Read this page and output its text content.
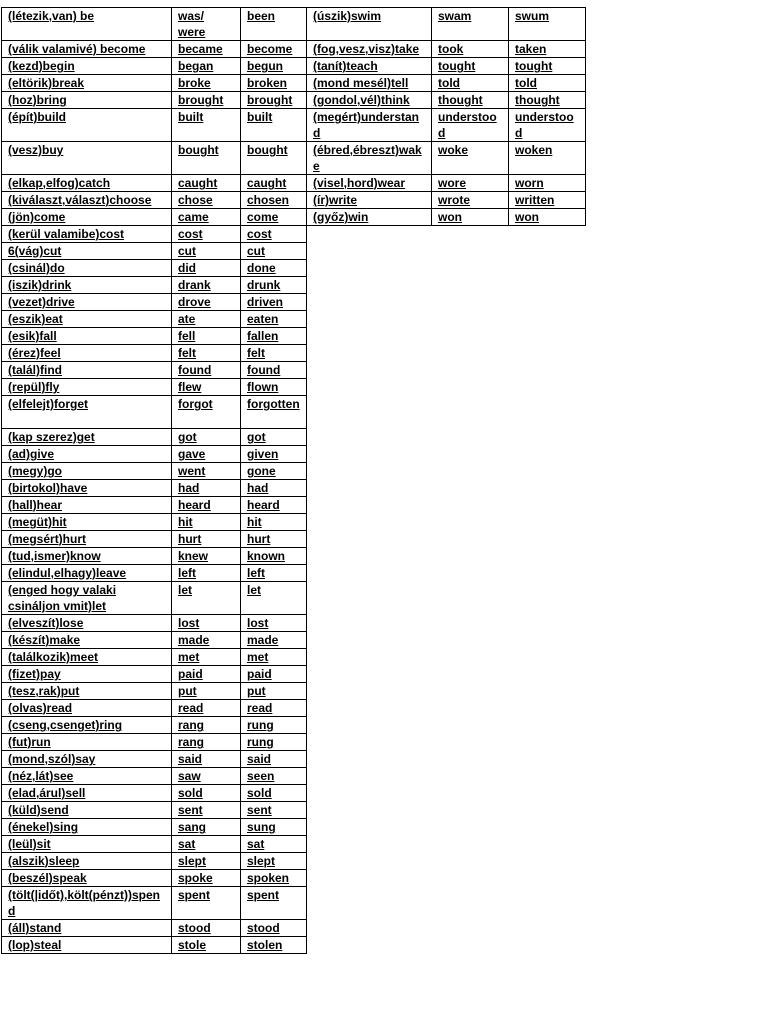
(létezik,van) be	was/ were	been
(válik valamivé) become	became	become
(kezd)begin	began	begun
(eltörik)break	broke	broken
(hoz)bring	brought	brought
(épít)build	built	built
(vesz)buy	bought	bought
(elkap,elfog)catch	caught	caught
(kiválaszt,választ)choose	chose	chosen
(jön)come	came	come
(kerül valamibe)cost	cost	cost
6(vág)cut	cut	cut
(csinál)do	did	done
(iszik)drink	drank	drunk
(vezet)drive	drove	driven
(eszik)eat	ate	eaten
(esik)fall	fell	fallen
(érez)feel	felt	felt
(talál)find	found	found
(repül)fly	flew	flown
(elfelejt)forget	forgot	forgotten
(kap szerez)get	got	got
(ad)give	gave	given
(megy)go	went	gone
(birtokol)have	had	had
(hall)hear	heard	heard
(megüt)hit	hit	hit
(megsért)hurt	hurt	hurt
(tud,ismer)know	knew	known
(elindul,elhagy)leave	left	left
(enged hogy valaki csináljon vmit)let	let	let
(elveszít)lose	lost	lost
(készít)make	made	made
(találkozik)meet	met	met
(fizet)pay	paid	paid
(tesz,rak)put	put	put
(olvas)read	read	read
(cseng,csenget)ring	rang	rung
(fut)run	rang	rung
(mond,szól)say	said	said
(néz,lát)see	saw	seen
(elad,árul)sell	sold	sold
(küld)send	sent	sent
(énekel)sing	sang	sung
(leül)sit	sat	sat
(alszik)sleep	slept	slept
(beszél)speak	spoke	spoken
(tölt(|időt),költ(pénzt))spend	spent	spent
(áll)stand	stood	stood
(lop)steal	stole	stolen
(úszik)swim	swam	swum
(fog,vesz,visz)take	took	taken
(tanít)teach	tought	tought
(mond mesél)tell	told	told
(gondol,vél)think	thought	thought
(megért)understand	understood	understood
(ébred,ébreszt)wake	woke	woken
(visel,hord)wear	wore	worn
(ír)write	wrote	written
(győz)win	won	won
